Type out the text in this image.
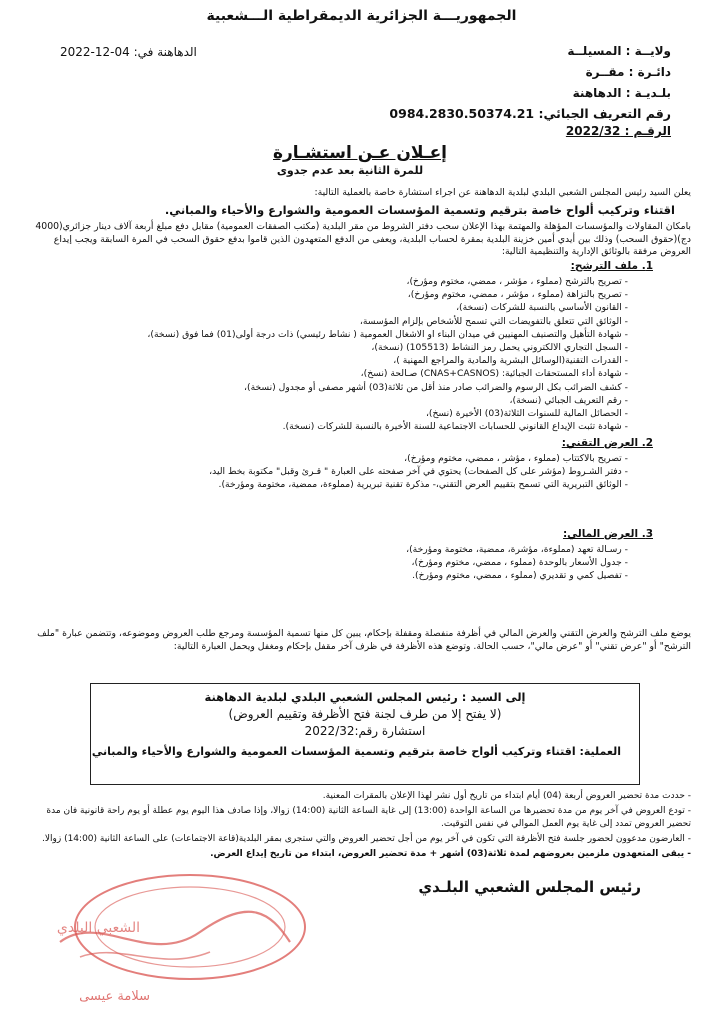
الجمهوريـــة الجزائرية الديمقراطية الـــشعبية
ولايــة : المسيلــة
دائـرة : مقــرة
بلـديـة : الدهاهنة
رقم التعريف الجبائي: 0984.2830.50374.21
الرقـم : 2022/32
الدهاهنة في: 04-12-2022
إعـلان عـن استشـارة
للمرة الثانية بعد عدم جدوى
يعلن السيد رئيس المجلس الشعبي البلدي لبلدية الدهاهنة عن اجراء استشارة خاصة بالعملية التالية:
اقتناء وتركيب ألواح خاصة بترقيم وتسمية المؤسسات العمومية والشوارع والأحياء والمباني.
بامكان المقاولات والمؤسسات المؤهلة والمهتمة بهذا الإعلان سحب دفتر الشروط من مقر البلدية (مكتب الصفقات العمومية) مقابل دفع مبلغ أربعة آلاف دينار جزائري(4000 دج)(حقوق السحب) وذلك بين أيدي أمين خزينة البلدية بمقرة لحساب البلدية، ويعفى من الدفع المتعهدون الذين قاموا بدفع حقوق السحب في المرة السابقة ويجب إيداع العروض مرفقة بالوثائق الإدارية والتنظيمية التالية:
1. ملف الترشح:
- تصريح بالترشح (مملوء ، مؤشر ، ممضي، مختوم ومؤرخ)،
- تصريح بالنزاهة (مملوء ، مؤشر ، ممضي، مختوم ومؤرخ)،
- القانون الأساسي بالنسبة للشركات (نسخة)،
- الوثائق التي تتعلق بالتفويضات التي تسمح للأشخاص بإلزام المؤسسة،
- شهادة التأهيل والتصنيف المهنيين في ميدان البناء او الاشغال العمومية ( نشاط رئيسي) ذات درجة أولى(01) فما فوق (نسخة)،
- السجل التجاري الالكتروني يحمل رمز النشاط (105513) (نسخة)،
- القدرات التقنية(الوسائل البشرية والمادية والمراجع المهنية )،
- شهادة أداء المستحقات الجبائية: (CNAS+CASNOS) صـالحة (نسخ)،
- كشف الضرائب بكل الرسوم والضرائب صادر منذ أقل من ثلاثة(03) أشهر مصفى أو مجدول (نسخة)،
- رقم التعريف الجبائي (نسخة)،
- الحصائل المالية للسنوات الثلاثة(03) الأخيرة (نسخ)،
- شهادة تثبت الإيداع القانوني للحسابات الاجتماعية للسنة الأخيرة بالنسبة للشركات (نسخة).
2. العرض التقني:
- تصريح بالاكتتاب (مملوء ، مؤشر ، ممضي، مختوم ومؤرخ)،
- دفتر الشـروط (مؤشر على كل الصفحات) يحتوي في آخر صفحته على العبارة " قـرئ وقبل" مكتوبة بخط اليد،
- الوثائق التبريرية التي تسمح بتقييم العرض التقني،- مذكرة تقنية تبريرية (مملوءة، ممضية، مختومة ومؤرخة).
3. العرض المالي:
- رسـالة تعهد (مملوءة، مؤشرة، ممضية، مختومة ومؤرخة)،
- جدول الأسعار بالوحدة (مملوء ، ممضي، مختوم ومؤرخ)،
- تفصيل كمي و تقديري (مملوء ، ممضي، مختوم ومؤرخ).
يوضع ملف الترشح والعرض التقني والعرض المالي في أظرفة منفصلة ومقفلة بإحكام، يبين كل منها تسمية المؤسسة ومرجع طلب العروض وموضوعه، وتتضمن عبارة "ملف الترشح" أو "عرض تقني" أو "عرض مالي"، حسب الحالة. وتوضع هذه الأظرفة في ظرف آخر مقفل بإحكام ومغفل ويحمل العبارة التالية:
إلى السيد : رئيس المجلس الشعبي البلدي لبلدية الدهاهنة
(لا يفتح إلا من طرف لجنة فتح الأظرفة وتقييم العروض)
استشارة رقم:2022/32
العملية: اقتناء وتركيب ألواح خاصة بترقيم وتسمية المؤسسات العمومية والشوارع والأحياء والمباني
- حددت مدة تحضير العروض أربعة (04) أيام ابتداء من تاريخ أول نشر لهذا الإعلان بالمقرات المعنية.
- تودع العروض في آخر يوم من مدة تحضيرها من الساعة الواحدة (13:00) إلى غاية الساعة الثانية (14:00) زوالا، وإذا صادف هذا اليوم يوم عطلة أو يوم راحة قانونية فان مدة تحضير العروض تمدد إلى غاية يوم العمل الموالي في نفس التوقيت.
- العارضون مدعوون لحضور جلسة فتح الأظرفة التي تكون في آخر يوم من أجل تحضير العروض والتي ستجرى بمقر البلدية(قاعة الاجتماعات) على الساعة الثانية (14:00) زوالا.
- يبقى المتعهدون ملزمين بعروضهم لمدة ثلاثة(03) أشهر + مدة تحضير العروض، ابتداء من تاريخ إيداع العرض.
رئيس المجلس الشعبي البلـدي
الشعبي البلدي
سلامة عيسى
